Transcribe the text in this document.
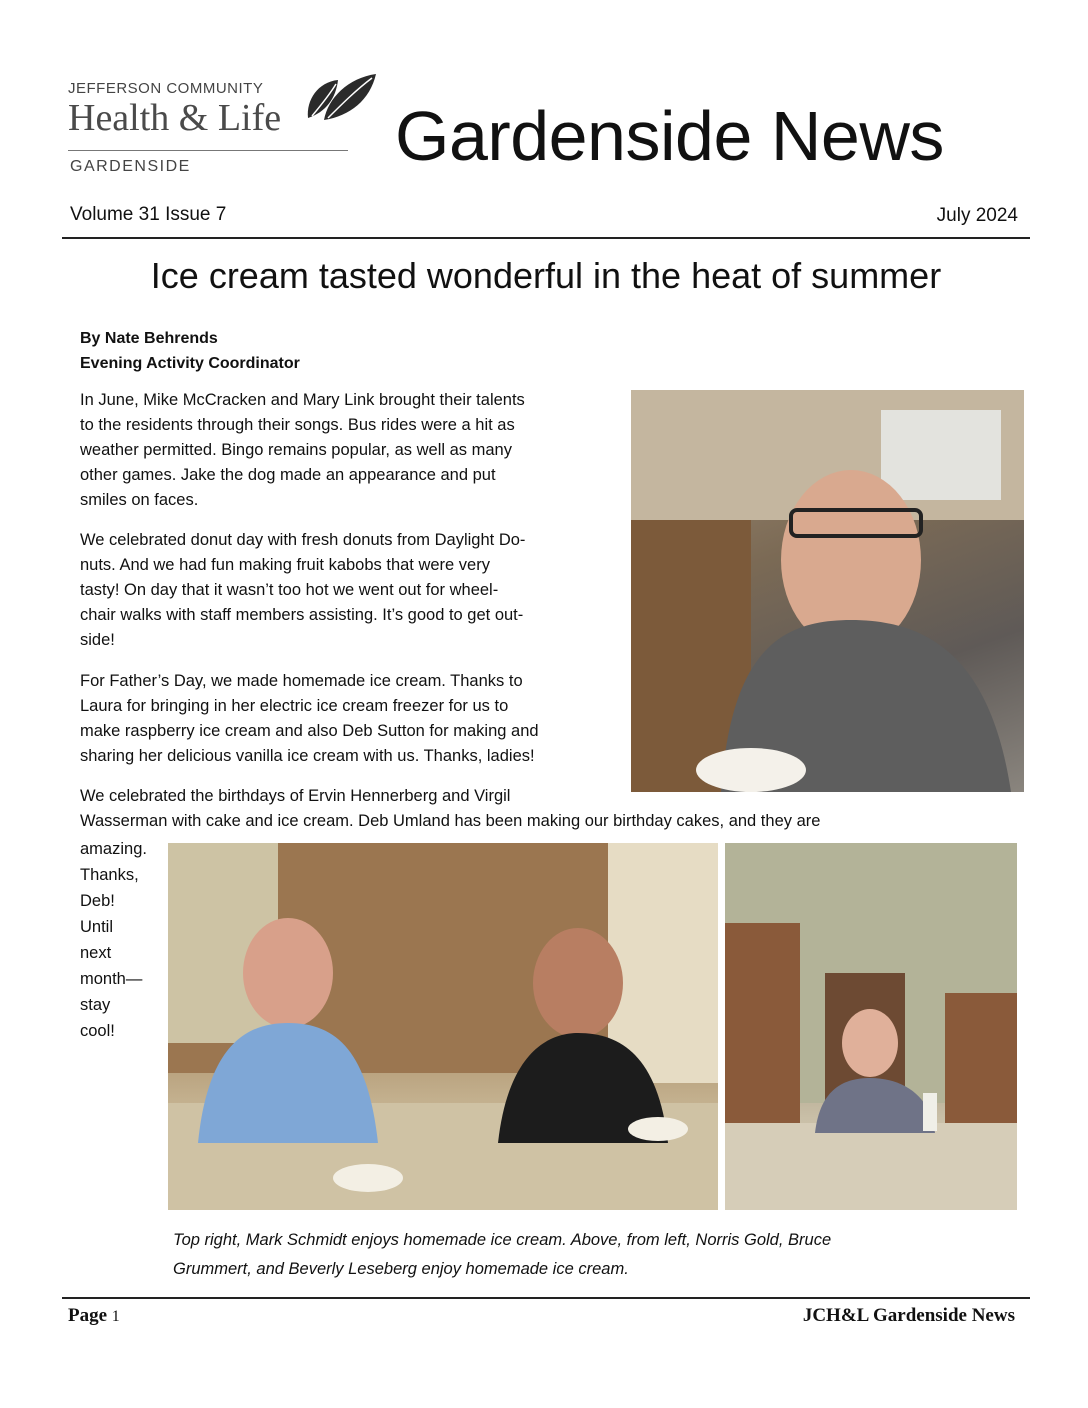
JEFFERSON COMMUNITY
Health & Life
GARDENSIDE	Gardenside News
Volume 31 Issue 7	July 2024
Ice cream tasted wonderful in the heat of summer
By Nate Behrends
Evening Activity Coordinator
In June, Mike McCracken and Mary Link brought their talents
to the residents through their songs. Bus rides were a hit as
weather permitted. Bingo remains popular, as well as many
other games. Jake the dog made an appearance and put
smiles on faces.
We celebrated donut day with fresh donuts from Daylight Do-
nuts. And we had fun making fruit kabobs that were very
tasty! On day that it wasn’t too hot we went out for wheel-
chair walks with staff members assisting. It’s good to get out-
side!
For Father’s Day, we made homemade ice cream. Thanks to
Laura for bringing in her electric ice cream freezer for us to
make raspberry ice cream and also Deb Sutton for making and
sharing her delicious vanilla ice cream with us. Thanks, ladies!
We celebrated the birthdays of Ervin Hennerberg and Virgil
Wasserman with cake and ice cream. Deb Umland has been making our birthday cakes, and they are
amazing.
Thanks,
Deb!
Until
next
month—
stay
cool!
Top right, Mark Schmidt enjoys homemade ice cream. Above, from left, Norris Gold, Bruce
Grummert, and Beverly Leseberg enjoy homemade ice cream.
Page 1	JCH&L Gardenside News
